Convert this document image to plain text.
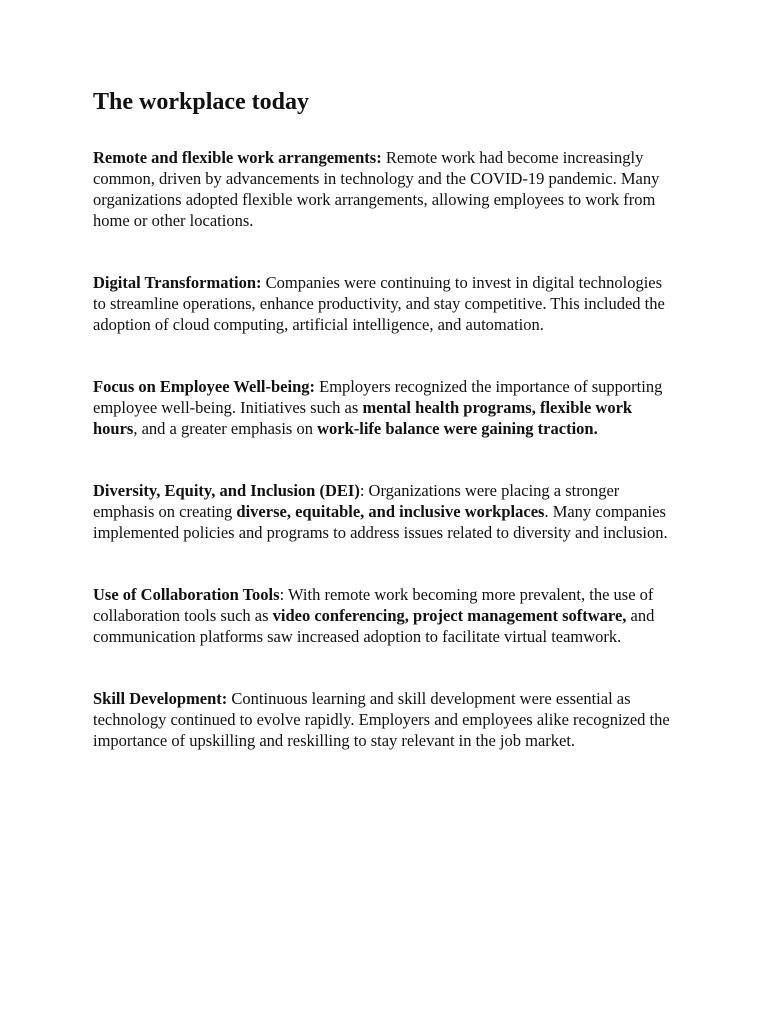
The workplace today

Remote and flexible work arrangements: Remote work had become increasingly common, driven by advancements in technology and the COVID-19 pandemic. Many organizations adopted flexible work arrangements, allowing employees to work from home or other locations.

Digital Transformation: Companies were continuing to invest in digital technologies to streamline operations, enhance productivity, and stay competitive. This included the adoption of cloud computing, artificial intelligence, and automation.

Focus on Employee Well-being: Employers recognized the importance of supporting employee well-being. Initiatives such as mental health programs, flexible work hours, and a greater emphasis on work-life balance were gaining traction.

Diversity, Equity, and Inclusion (DEI): Organizations were placing a stronger emphasis on creating diverse, equitable, and inclusive workplaces. Many companies implemented policies and programs to address issues related to diversity and inclusion.

Use of Collaboration Tools: With remote work becoming more prevalent, the use of collaboration tools such as video conferencing, project management software, and communication platforms saw increased adoption to facilitate virtual teamwork.

Skill Development: Continuous learning and skill development were essential as technology continued to evolve rapidly. Employers and employees alike recognized the importance of upskilling and reskilling to stay relevant in the job market.
